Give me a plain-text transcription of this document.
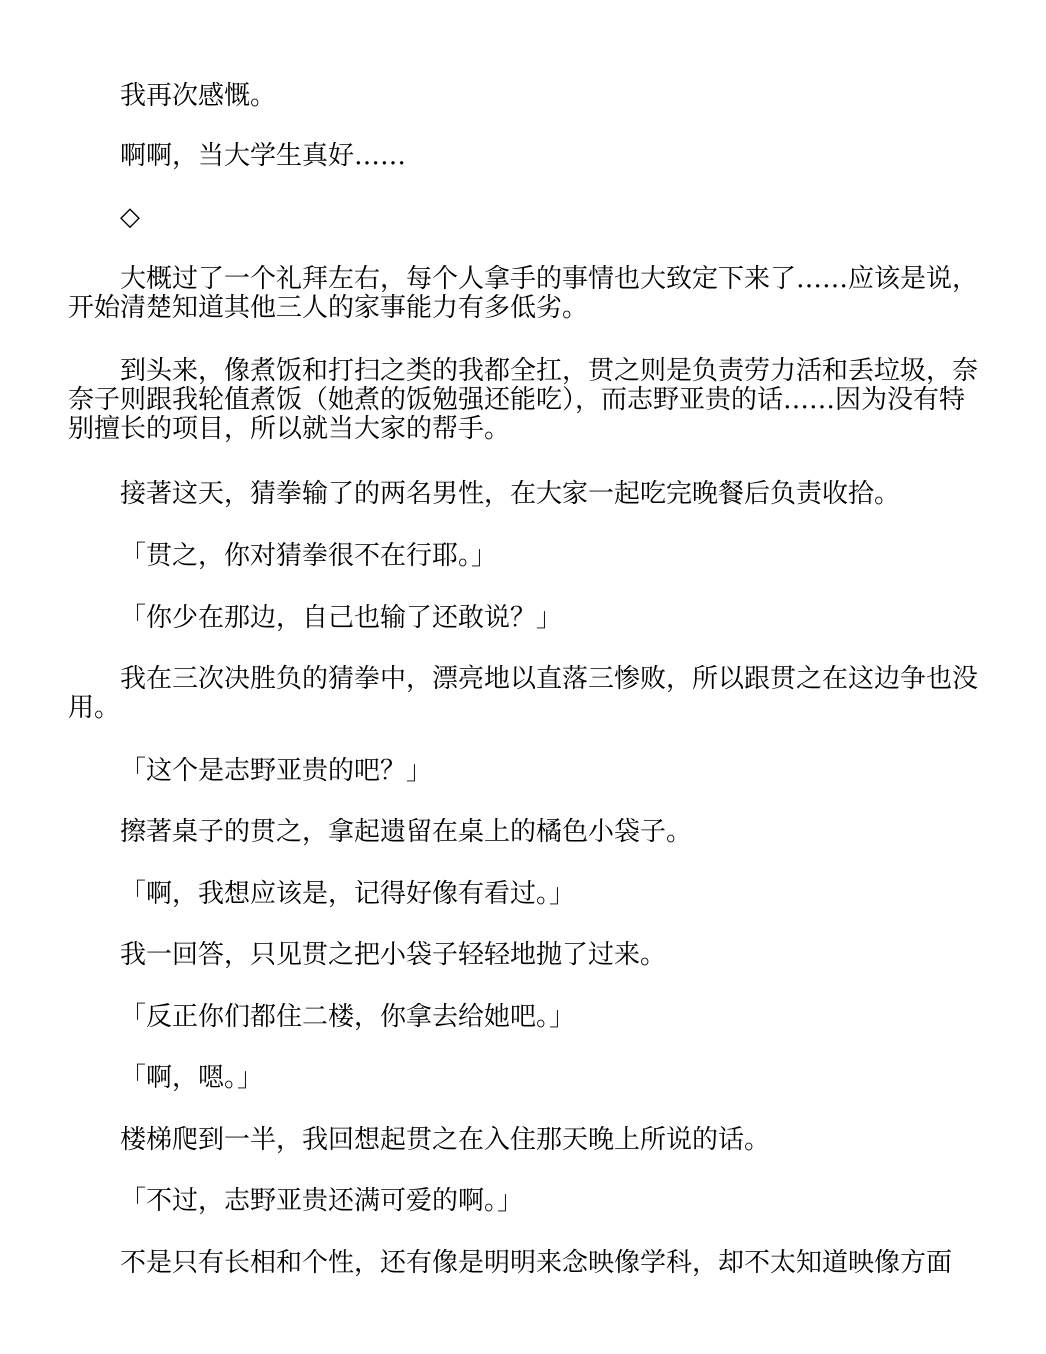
我再次感慨。

啊啊，当大学生真好……

◇

大概过了一个礼拜左右，每个人拿手的事情也大致定下来了……应该是说，开始清楚知道其他三人的家事能力有多低劣。

到头来，像煮饭和打扫之类的我都全扛，贯之则是负责劳力活和丢垃圾，奈奈子则跟我轮值煮饭（她煮的饭勉强还能吃），而志野亚贵的话……因为没有特别擅长的项目，所以就当大家的帮手。

接著这天，猜拳输了的两名男性，在大家一起吃完晚餐后负责收拾。

「贯之，你对猜拳很不在行耶。」

「你少在那边，自己也输了还敢说？」

我在三次决胜负的猜拳中，漂亮地以直落三惨败，所以跟贯之在这边争也没用。

「这个是志野亚贵的吧？」

擦著桌子的贯之，拿起遗留在桌上的橘色小袋子。

「啊，我想应该是，记得好像有看过。」

我一回答，只见贯之把小袋子轻轻地抛了过来。

「反正你们都住二楼，你拿去给她吧。」

「啊，嗯。」

楼梯爬到一半，我回想起贯之在入住那天晚上所说的话。

「不过，志野亚贵还满可爱的啊。」

不是只有长相和个性，还有像是明明来念映像学科，却不太知道映像方面
